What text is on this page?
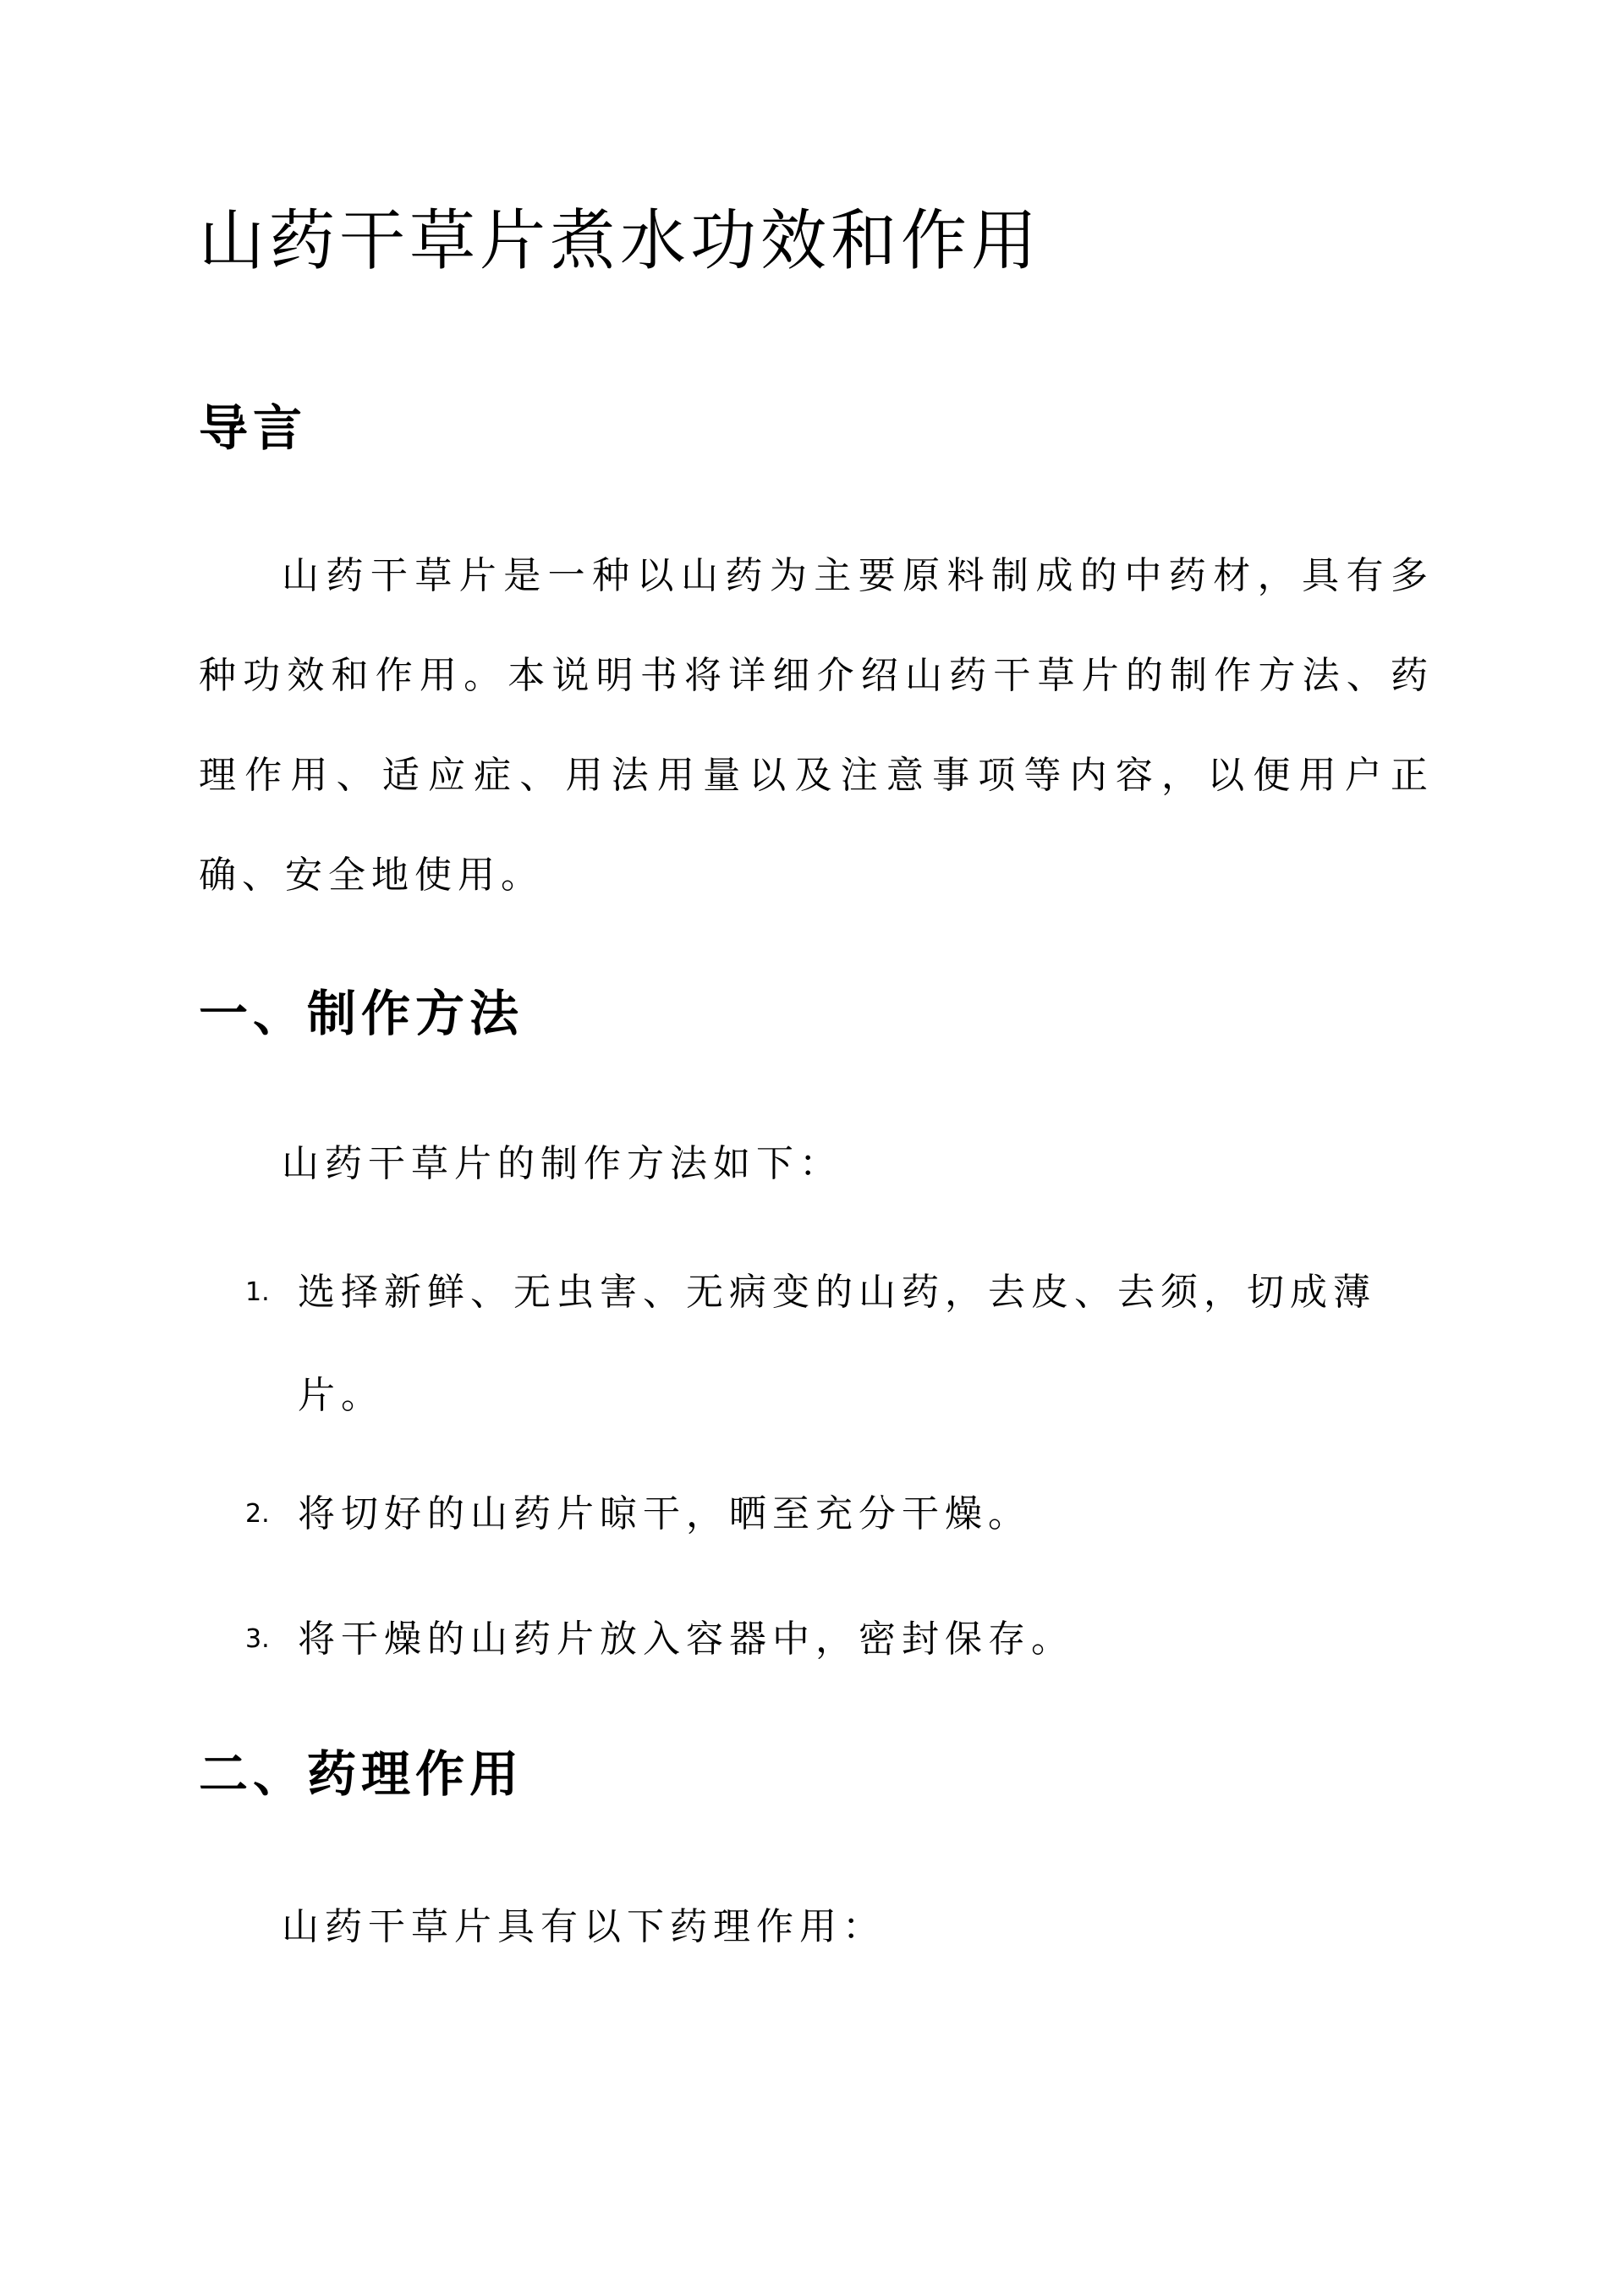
山药干草片煮水功效和作用
导言

山药干草片是一种以山药为主要原料制成的中药材，具有多种功效和作用。本说明书将详细介绍山药干草片的制作方法、药理作用、适应症、用法用量以及注意事项等内容，以便用户正确、安全地使用。

一、制作方法

山药干草片的制作方法如下：

1. 选择新鲜、无虫害、无病变的山药，去皮、去须，切成薄片。
2. 将切好的山药片晾干，晒至充分干燥。
3. 将干燥的山药片放入容器中，密封保存。
二、药理作用

山药干草片具有以下药理作用：
